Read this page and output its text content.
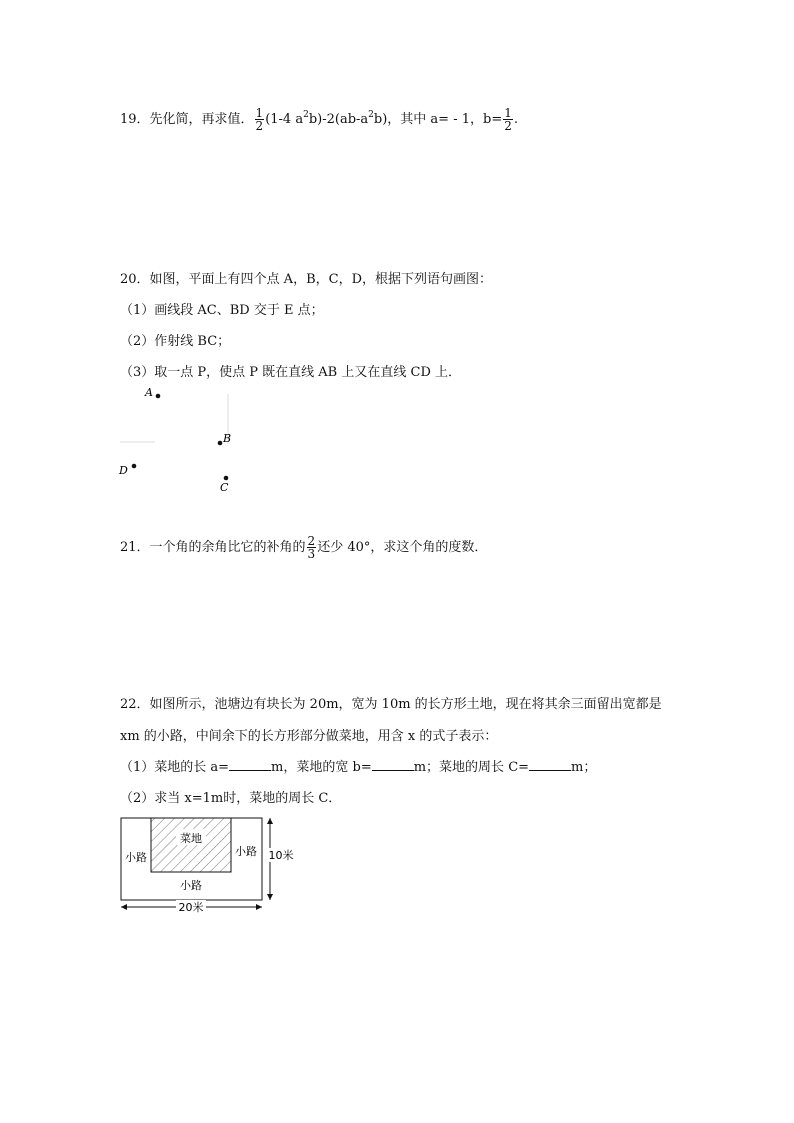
19．先化简，再求值． $\frac{1}{2} (1-4$ $a^2b)-2(ab-a^2b)$，其中 a= - 1，$b= \frac{1}{2}$ .
20．如图，平面上有四个点 A，B，C，D，根据下列语句画图：
（1）画线段 AC、BD 交于 E 点；
（2）作射线 BC；
（3）取一点 P，使点 P 既在直线 AB 上又在直线 CD 上．
A
B
C
D
21．一个角的余角比它的补角的 $\frac{2}{3}$ 还少 40°，求这个角的度数．
22．如图所示，池塘边有块长为 20m，宽为 10m 的长方形土地，现在将其余三面留出宽都是
xm 的小路，中间余下的长方形部分做菜地，用含 x 的式子表示：
（1）菜地的长 a=	m，菜地的宽 b=	m；菜地的周长 C=	m；
（2）求当 x=1m时，菜地的周长 C．
菜地
小路	小路
小路
20米
10米
